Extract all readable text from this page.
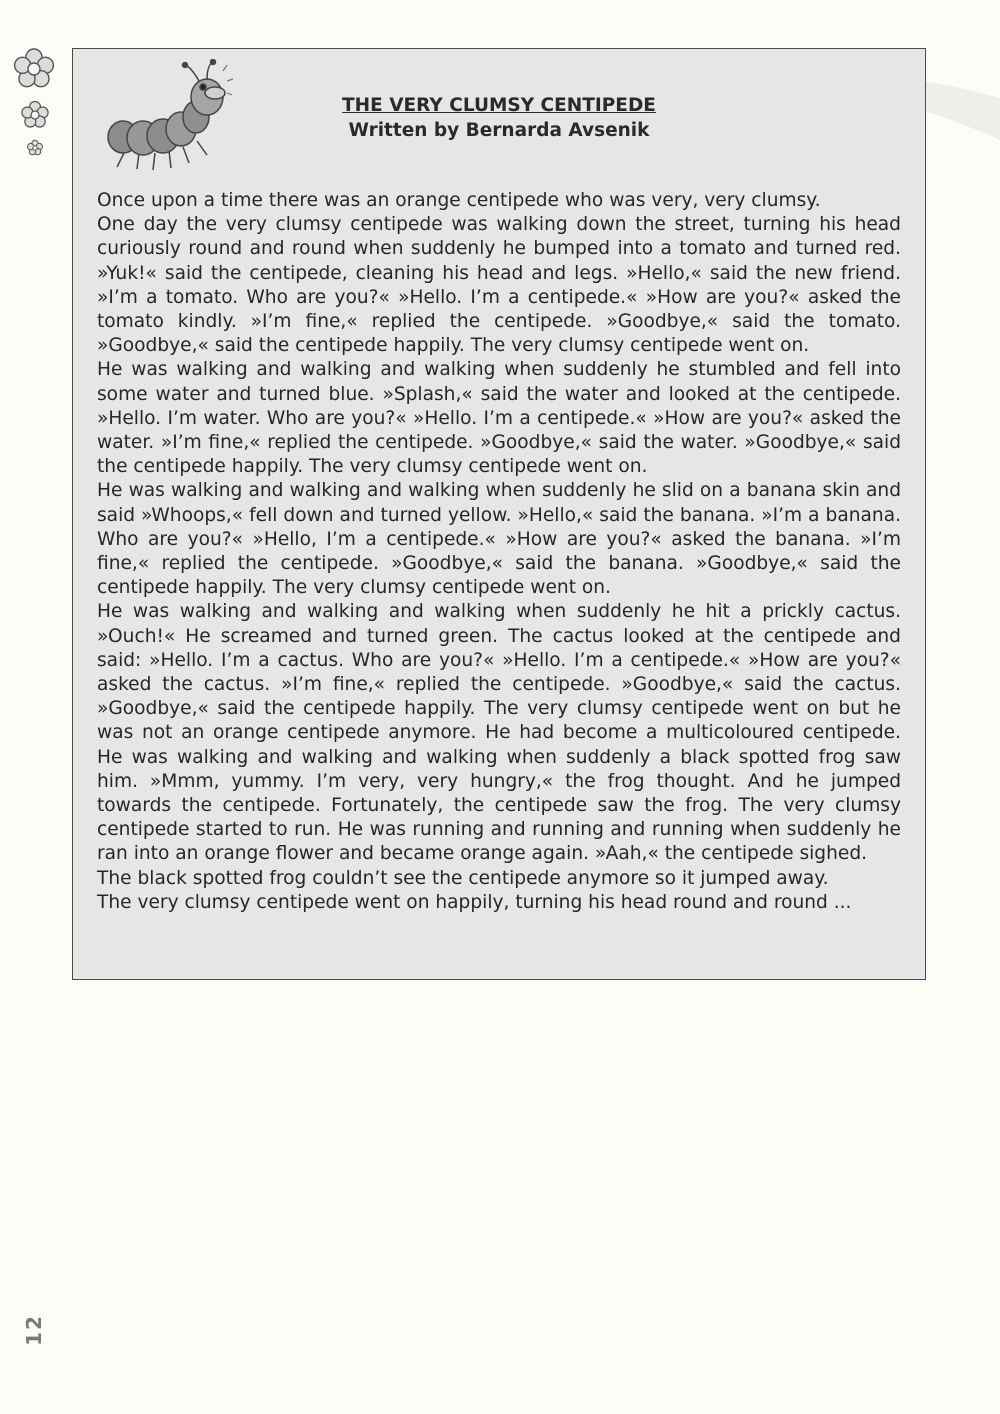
THE VERY CLUMSY CENTIPEDE
Written by Bernarda Avsenik

Once upon a time there was an orange centipede who was very, very clumsy.

One day the very clumsy centipede was walking down the street, turning his head curiously round and round when suddenly he bumped into a tomato and turned red. »Yuk!« said the centipede, cleaning his head and legs. »Hello,« said the new friend. »I’m a tomato. Who are you?« »Hello. I’m a centipede.« »How are you?« asked the tomato kindly. »I’m fine,« replied the centipede. »Goodbye,« said the tomato. »Goodbye,« said the centipede happily. The very clumsy centipede went on.

He was walking and walking and walking when suddenly he stumbled and fell into some water and turned blue. »Splash,« said the water and looked at the centipede. »Hello. I’m water. Who are you?« »Hello. I’m a centipede.« »How are you?« asked the water. »I’m fine,« replied the centipede. »Goodbye,« said the water. »Goodbye,« said the centipede happily. The very clumsy centipede went on.

He was walking and walking and walking when suddenly he slid on a banana skin and said »Whoops,« fell down and turned yellow. »Hello,« said the banana. »I’m a banana. Who are you?« »Hello, I’m a centipede.« »How are you?« asked the banana. »I’m fine,« replied the centipede. »Goodbye,« said the banana. »Goodbye,« said the centipede happily. The very clumsy centipede went on.

He was walking and walking and walking when suddenly he hit a prickly cactus. »Ouch!« He screamed and turned green. The cactus looked at the centipede and said: »Hello. I’m a cactus. Who are you?« »Hello. I’m a centipede.« »How are you?« asked the cactus. »I’m fine,« replied the centipede. »Goodbye,« said the cactus. »Goodbye,« said the centipede happily. The very clumsy centipede went on but he was not an orange centipede anymore. He had become a multicoloured centipede. He was walking and walking and walking when suddenly a black spotted frog saw him. »Mmm, yummy. I’m very, very hungry,« the frog thought. And he jumped towards the centipede. Fortunately, the centipede saw the frog. The very clumsy centipede started to run. He was running and running and running when suddenly he ran into an orange flower and became orange again. »Aah,« the centipede sighed.

The black spotted frog couldn’t see the centipede anymore so it jumped away.

The very clumsy centipede went on happily, turning his head round and round ...

12
